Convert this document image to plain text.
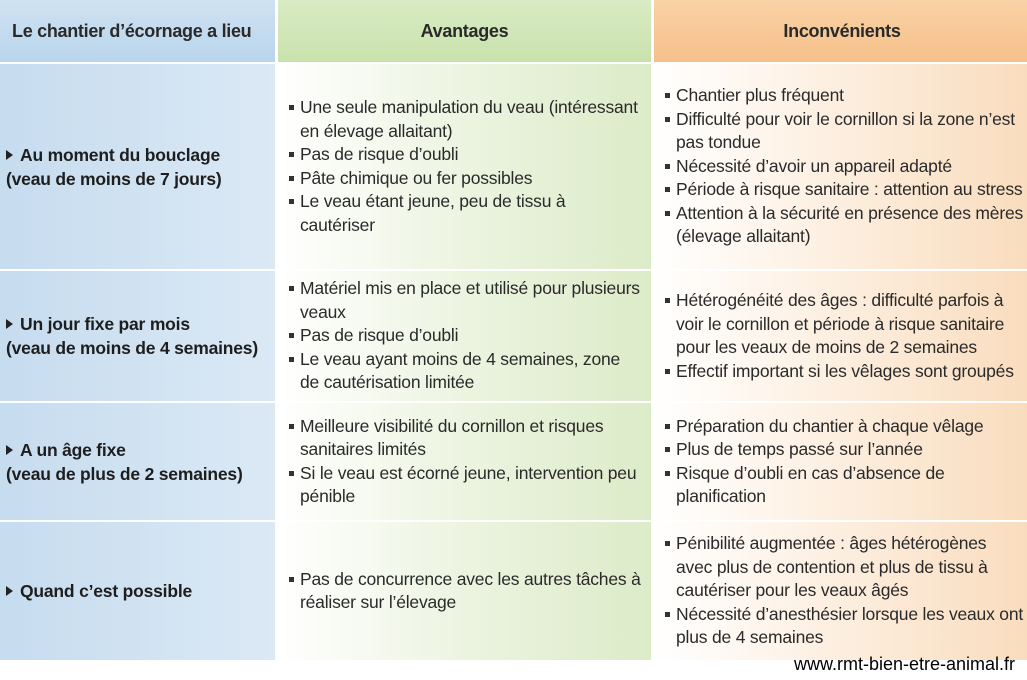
Le chantier d’écornage a lieu	Avantages	Inconvénients
Au moment du bouclage
(veau de moins de 7 jours)
Une seule manipulation du veau (intéressant en élevage allaitant)
Pas de risque d’oubli
Pâte chimique ou fer possibles
Le veau étant jeune, peu de tissu à cautériser
Chantier plus fréquent
Difficulté pour voir le cornillon si la zone n’est pas tondue
Nécessité d’avoir un appareil adapté
Période à risque sanitaire : attention au stress
Attention à la sécurité en présence des mères (élevage allaitant)
Un jour fixe par mois
(veau de moins de 4 semaines)
Matériel mis en place et utilisé pour plusieurs veaux
Pas de risque d’oubli
Le veau ayant moins de 4 semaines, zone de cautérisation limitée
Hétérogénéité des âges : difficulté parfois à voir le cornillon et période à risque sanitaire pour les veaux de moins de 2 semaines
Effectif important si les vêlages sont groupés
A un âge fixe
(veau de plus de 2 semaines)
Meilleure visibilité du cornillon et risques sanitaires limités
Si le veau est écorné jeune, intervention peu pénible
Préparation du chantier à chaque vêlage
Plus de temps passé sur l’année
Risque d’oubli en cas d’absence de planification
Quand c’est possible
Pas de concurrence avec les autres tâches à réaliser sur l’élevage
Pénibilité augmentée : âges hétérogènes avec plus de contention et plus de tissu à cautériser pour les veaux âgés
Nécessité d’anesthésier lorsque les veaux ont plus de 4 semaines
www.rmt-bien-etre-animal.fr
